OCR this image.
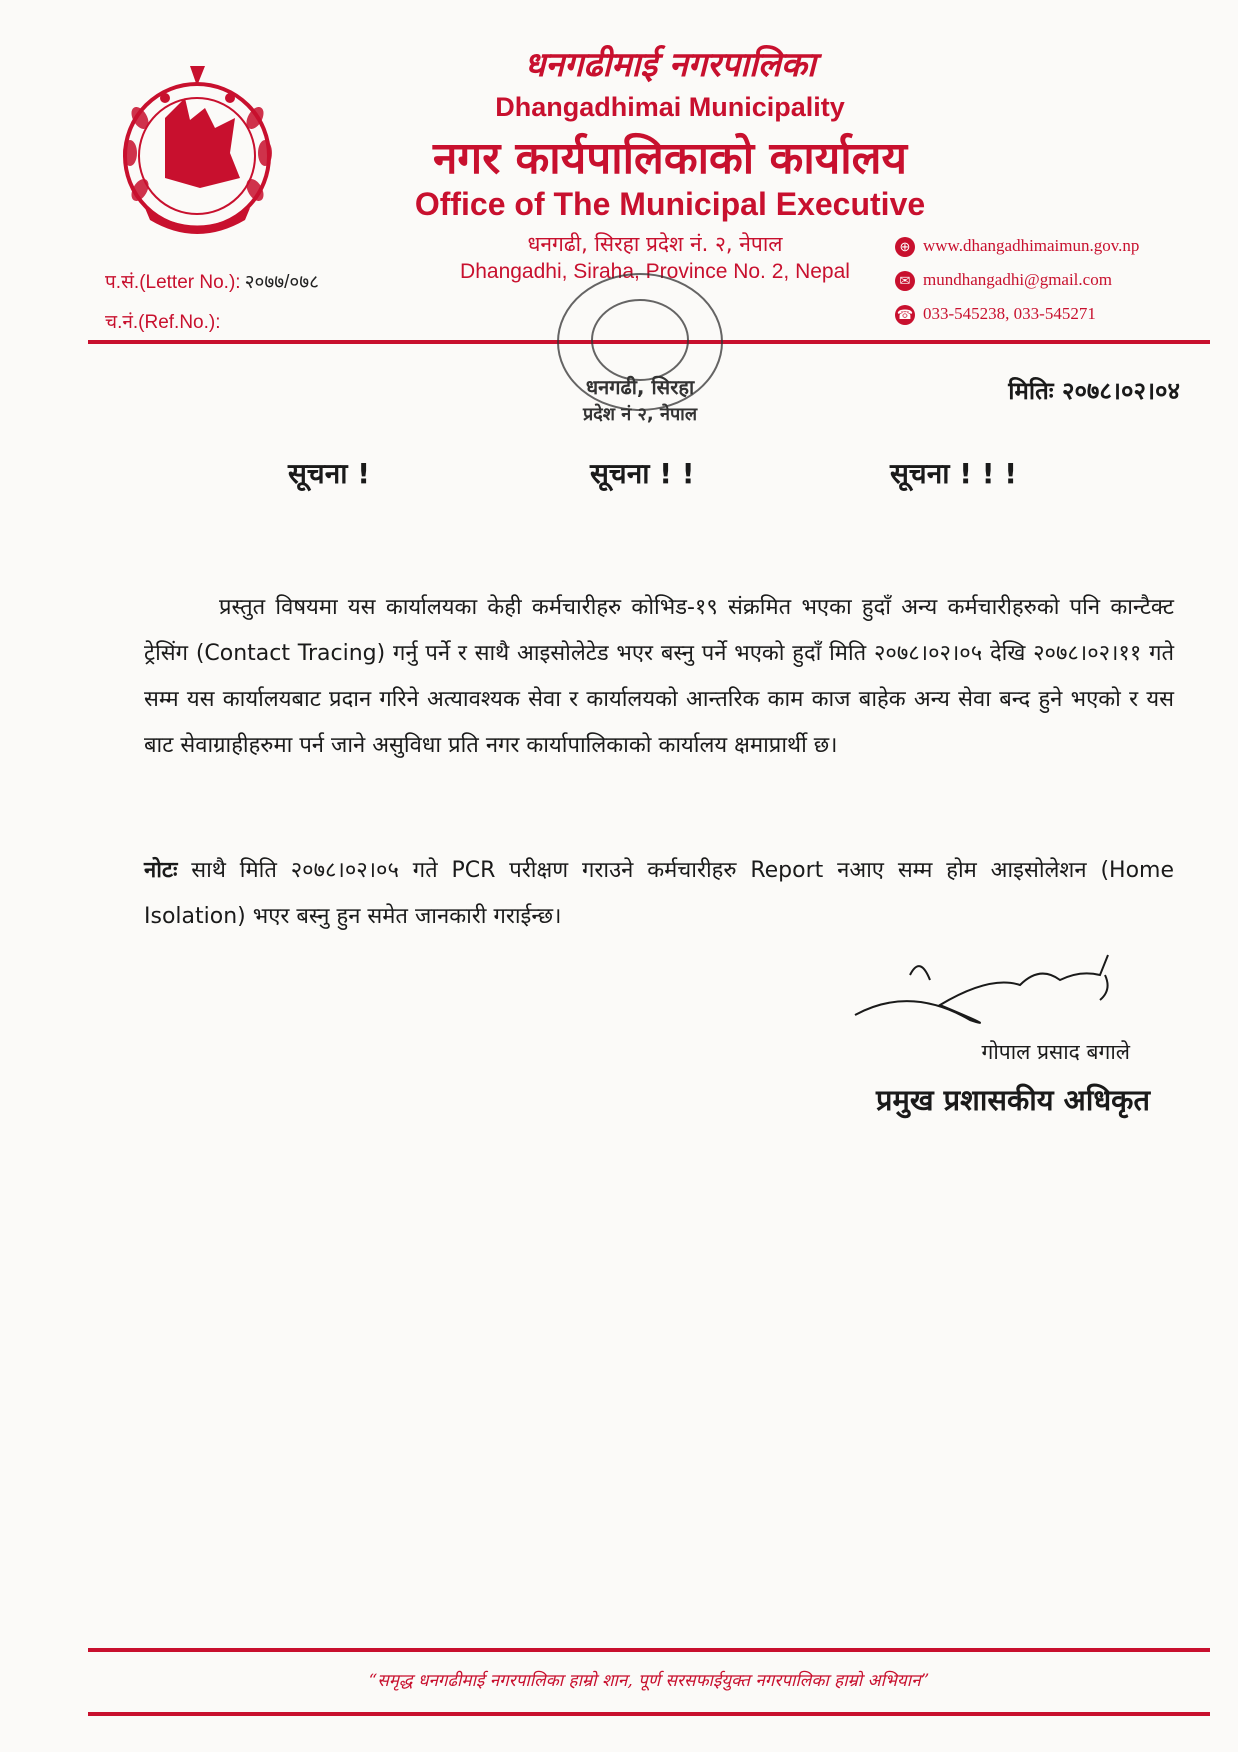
धनगढीमाई नगरपालिका
Dhangadhimai Municipality
नगर कार्यपालिकाको कार्यालय
Office of The Municipal Executive
धनगढी, सिरहा प्रदेश नं. २, नेपाल
Dhangadhi, Siraha, Province No. 2, Nepal
⊕ www.dhangadhimaimun.gov.np
✉ mundhangadhi@gmail.com
☎ 033-545238, 033-545271
प.सं.(Letter No.): २०७७/०७८
च.नं.(Ref.No.):
धनगढी, सिरहा
प्रदेश नं २, नेपाल
मितिः २०७८।०२।०४
सूचना !	सूचना ! !	सूचना ! ! !
प्रस्तुत विषयमा यस कार्यालयका केही कर्मचारीहरु कोभिड-१९ संक्रमित भएका हुदाँ अन्य कर्मचारीहरुको पनि कान्टैक्ट ट्रेसिंग (Contact Tracing) गर्नु पर्ने र साथै आइसोलेटेड भएर बस्नु पर्ने भएको हुदाँ मिति २०७८।०२।०५ देखि २०७८।०२।११ गते सम्म यस कार्यालयबाट प्रदान गरिने अत्यावश्यक सेवा र कार्यालयको आन्तरिक काम काज बाहेक अन्य सेवा बन्द हुने भएको र यस बाट सेवाग्राहीहरुमा पर्न जाने असुविधा प्रति नगर कार्यापालिकाको कार्यालय क्षमाप्रार्थी छ।
नोटः साथै मिति २०७८।०२।०५ गते PCR परीक्षण गराउने कर्मचारीहरु Report नआए सम्म होम आइसोलेशन (Home Isolation) भएर बस्नु हुन समेत जानकारी गराईन्छ।
गोपाल प्रसाद बगाले
प्रमुख प्रशासकीय अधिकृत
“समृद्ध धनगढीमाई नगरपालिका हाम्रो शान, पूर्ण सरसफाईयुक्त नगरपालिका हाम्रो अभियान”
